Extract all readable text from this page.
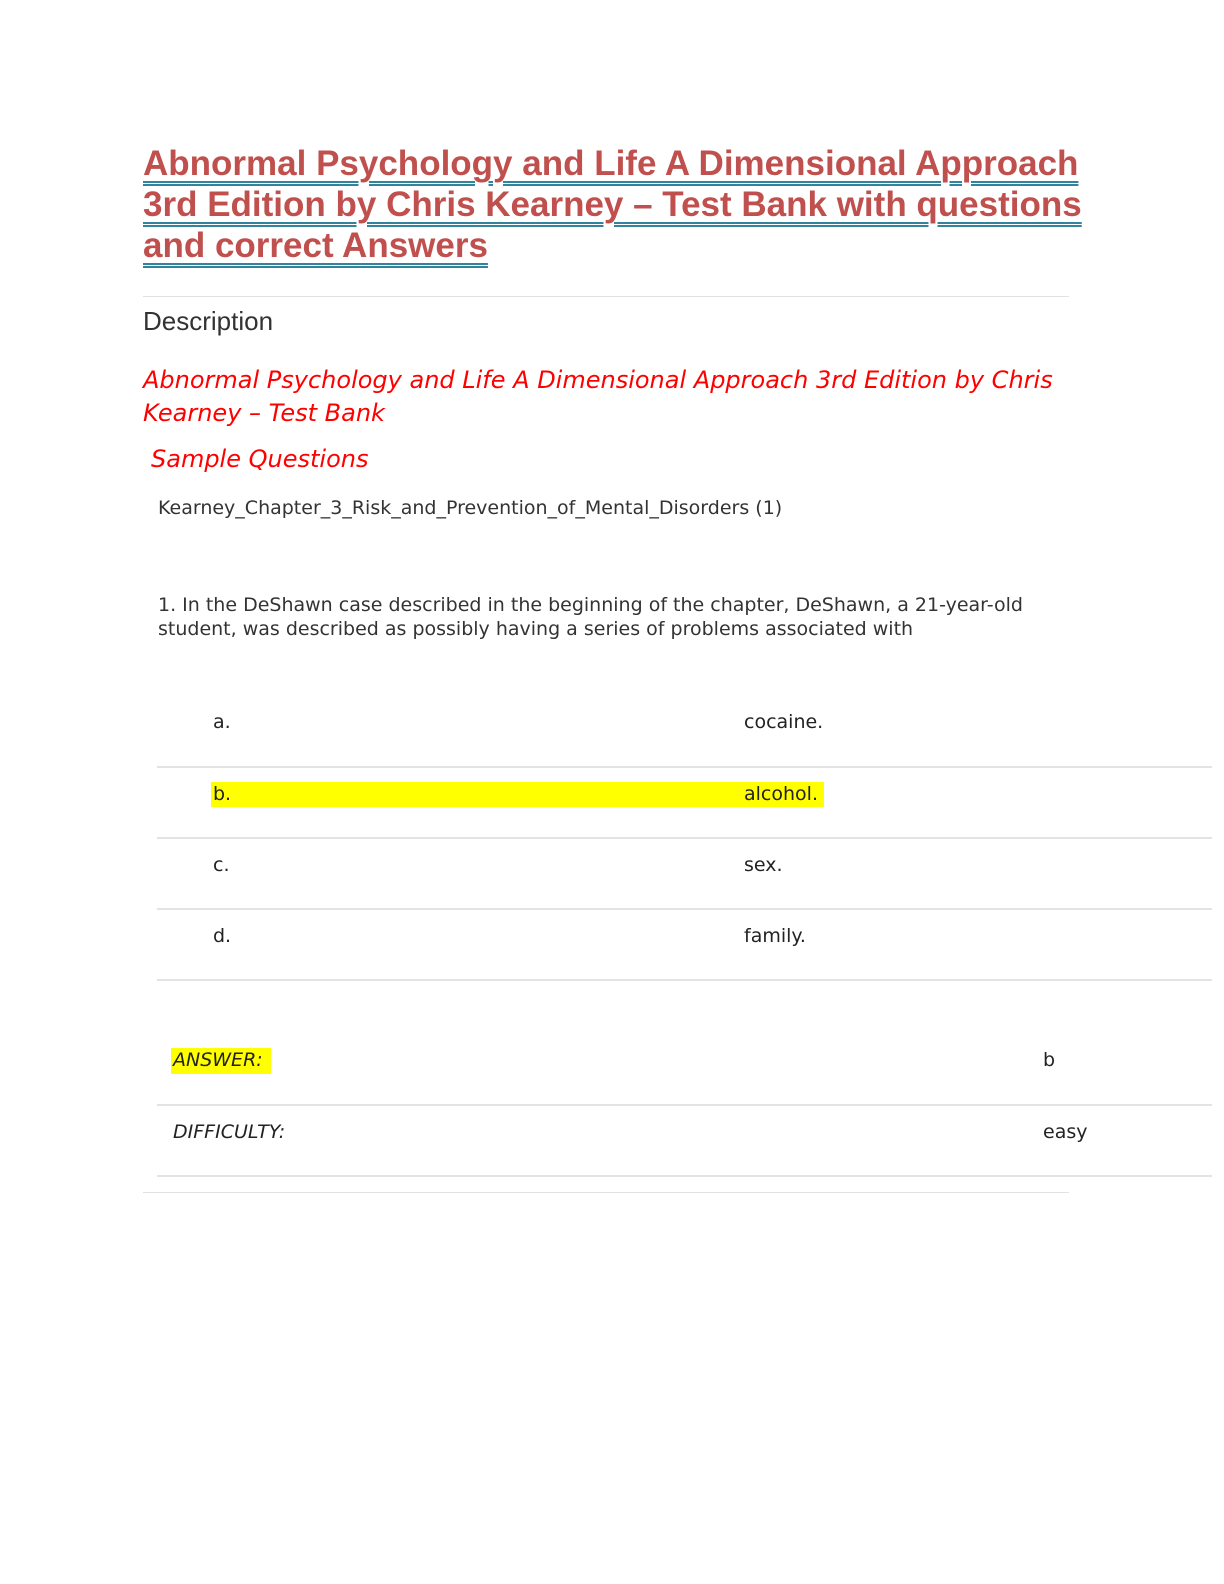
Abnormal Psychology and Life A Dimensional Approach 3rd Edition by Chris Kearney – Test Bank with questions and correct Answers
Description
Abnormal Psychology and Life A Dimensional Approach 3rd Edition by Chris Kearney – Test Bank
Sample Questions
Kearney_Chapter_3_Risk_and_Prevention_of_Mental_Disorders (1)
1. In the DeShawn case described in the beginning of the chapter, DeShawn, a 21-year-old student, was described as possibly having a series of problems associated with
a.	cocaine.
b.	alcohol.
c.	sex.
d.	family.
ANSWER:	b
DIFFICULTY:	easy
